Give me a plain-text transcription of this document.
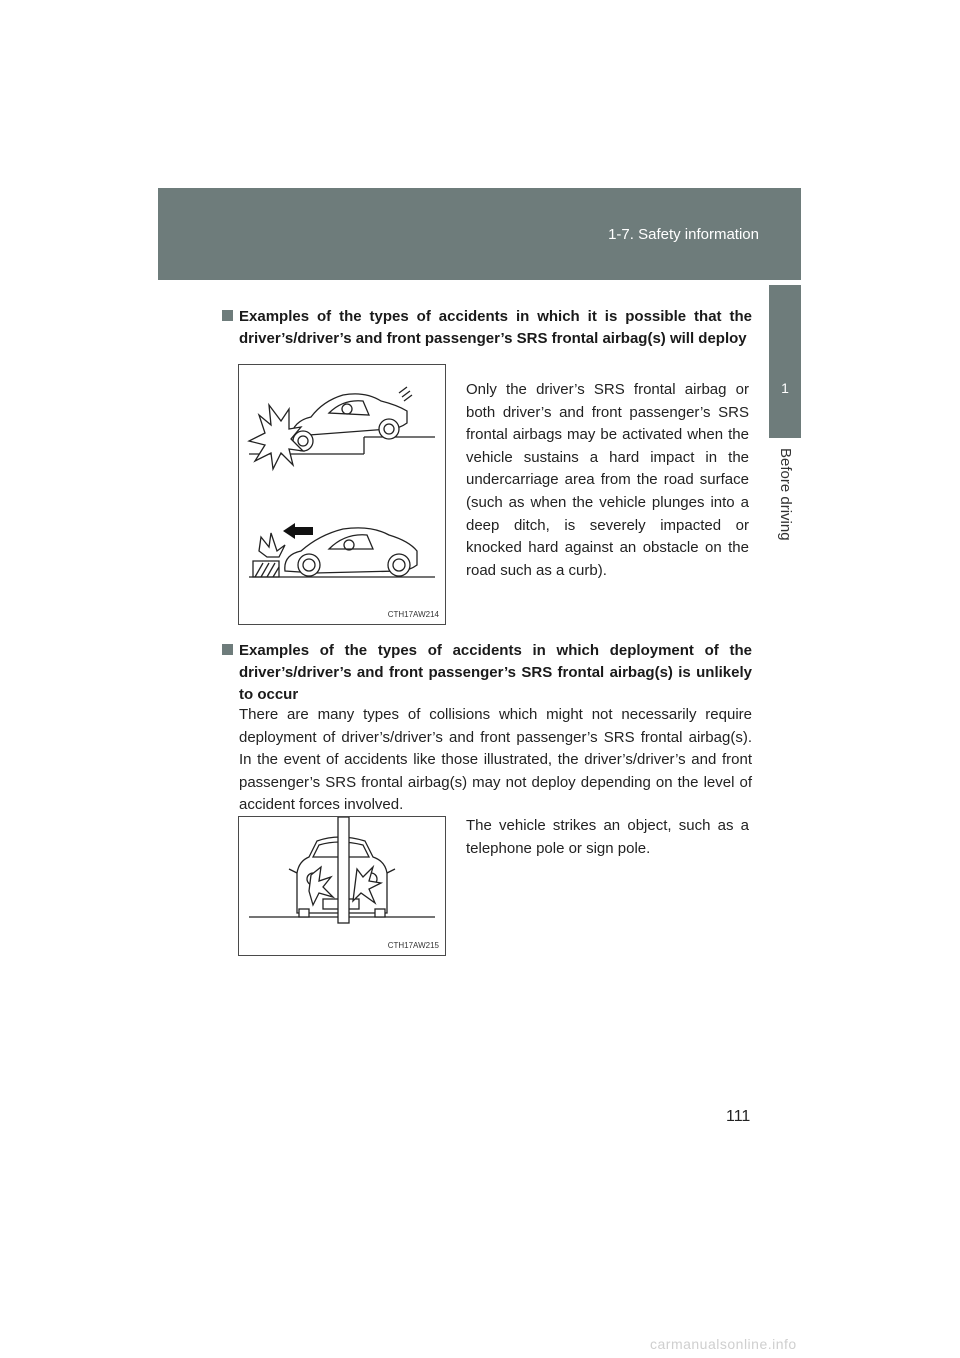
1-7. Safety information
1
Before driving
Examples of the types of accidents in which it is possible that the
driver’s/driver’s and front passenger’s SRS frontal airbag(s) will deploy
CTH17AW214
Only the driver’s SRS frontal airbag or
both driver’s and front passenger’s SRS
frontal airbags may be activated when the
vehicle sustains a hard impact in the
undercarriage area from the road surface
(such as when the vehicle plunges into a
deep ditch, is severely impacted or
knocked hard against an obstacle on the
road such as a curb).
Examples of the types of accidents in which deployment of the
driver’s/driver’s and front passenger’s SRS frontal airbag(s) is unlikely
to occur
There are many types of collisions which might not necessarily require
deployment of driver’s/driver’s and front passenger’s SRS frontal airbag(s).
In the event of accidents like those illustrated, the driver’s/driver’s and front
passenger’s SRS frontal airbag(s) may not deploy depending on the level of
accident forces involved.
CTH17AW215
The vehicle strikes an object, such as a
telephone pole or sign pole.
111
carmanualsonline.info
